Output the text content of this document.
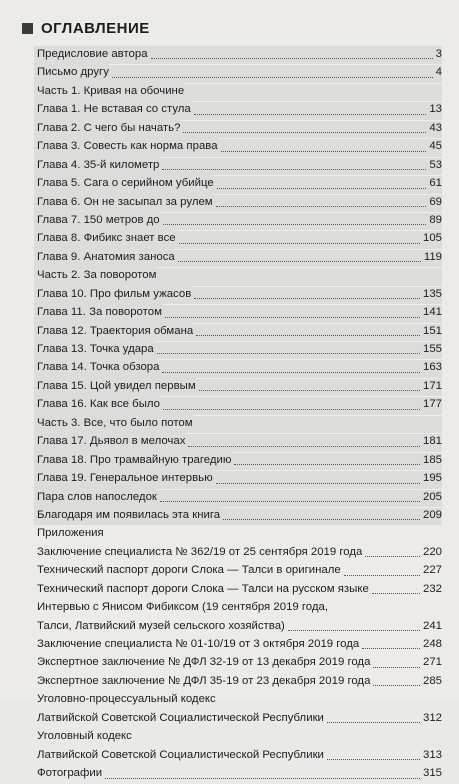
ОГЛАВЛЕНИЕ
Предисловие автора	3
Письмо другу	4
Часть 1. Кривая на обочине
Глава 1. Не вставая со стула	13
Глава 2. С чего бы начать?	43
Глава 3. Совесть как норма права	45
Глава 4. 35-й километр	53
Глава 5. Сага о серийном убийце	61
Глава 6. Он не засыпал за рулем	69
Глава 7. 150 метров до	89
Глава 8. Фибикс знает все	105
Глава 9. Анатомия заноса	119
Часть 2. За поворотом
Глава 10. Про фильм ужасов	135
Глава 11. За поворотом	141
Глава 12. Траектория обмана	151
Глава 13. Точка удара	155
Глава 14. Точка обзора	163
Глава 15. Цой увидел первым	171
Глава 16. Как все было	177
Часть 3. Все, что было потом
Глава 17. Дьявол в мелочах	181
Глава 18. Про трамвайную трагедию	185
Глава 19. Генеральное интервью	195
Пара слов напоследок	205
Благодаря им появилась эта книга	209
Приложения
Заключение специалиста № 362/19 от 25 сентября 2019 года	220
Технический паспорт дороги Слока — Талси в оригинале	227
Технический паспорт дороги Слока — Талси на русском языке	232
Интервью с Янисом Фибиксом (19 сентября 2019 года,
Талси, Латвийский музей сельского хозяйства)	241
Заключение специалиста № 01-10/19 от 3 октября 2019 года	248
Экспертное заключение № ДФЛ 32-19 от 13 декабря 2019 года	271
Экспертное заключение № ДФЛ 35-19 от 23 декабря 2019 года	285
Уголовно-процессуальный кодекс
Латвийской Советской Социалистической Республики	312
Уголовный кодекс
Латвийской Советской Социалистической Республики	313
Фотографии	315
